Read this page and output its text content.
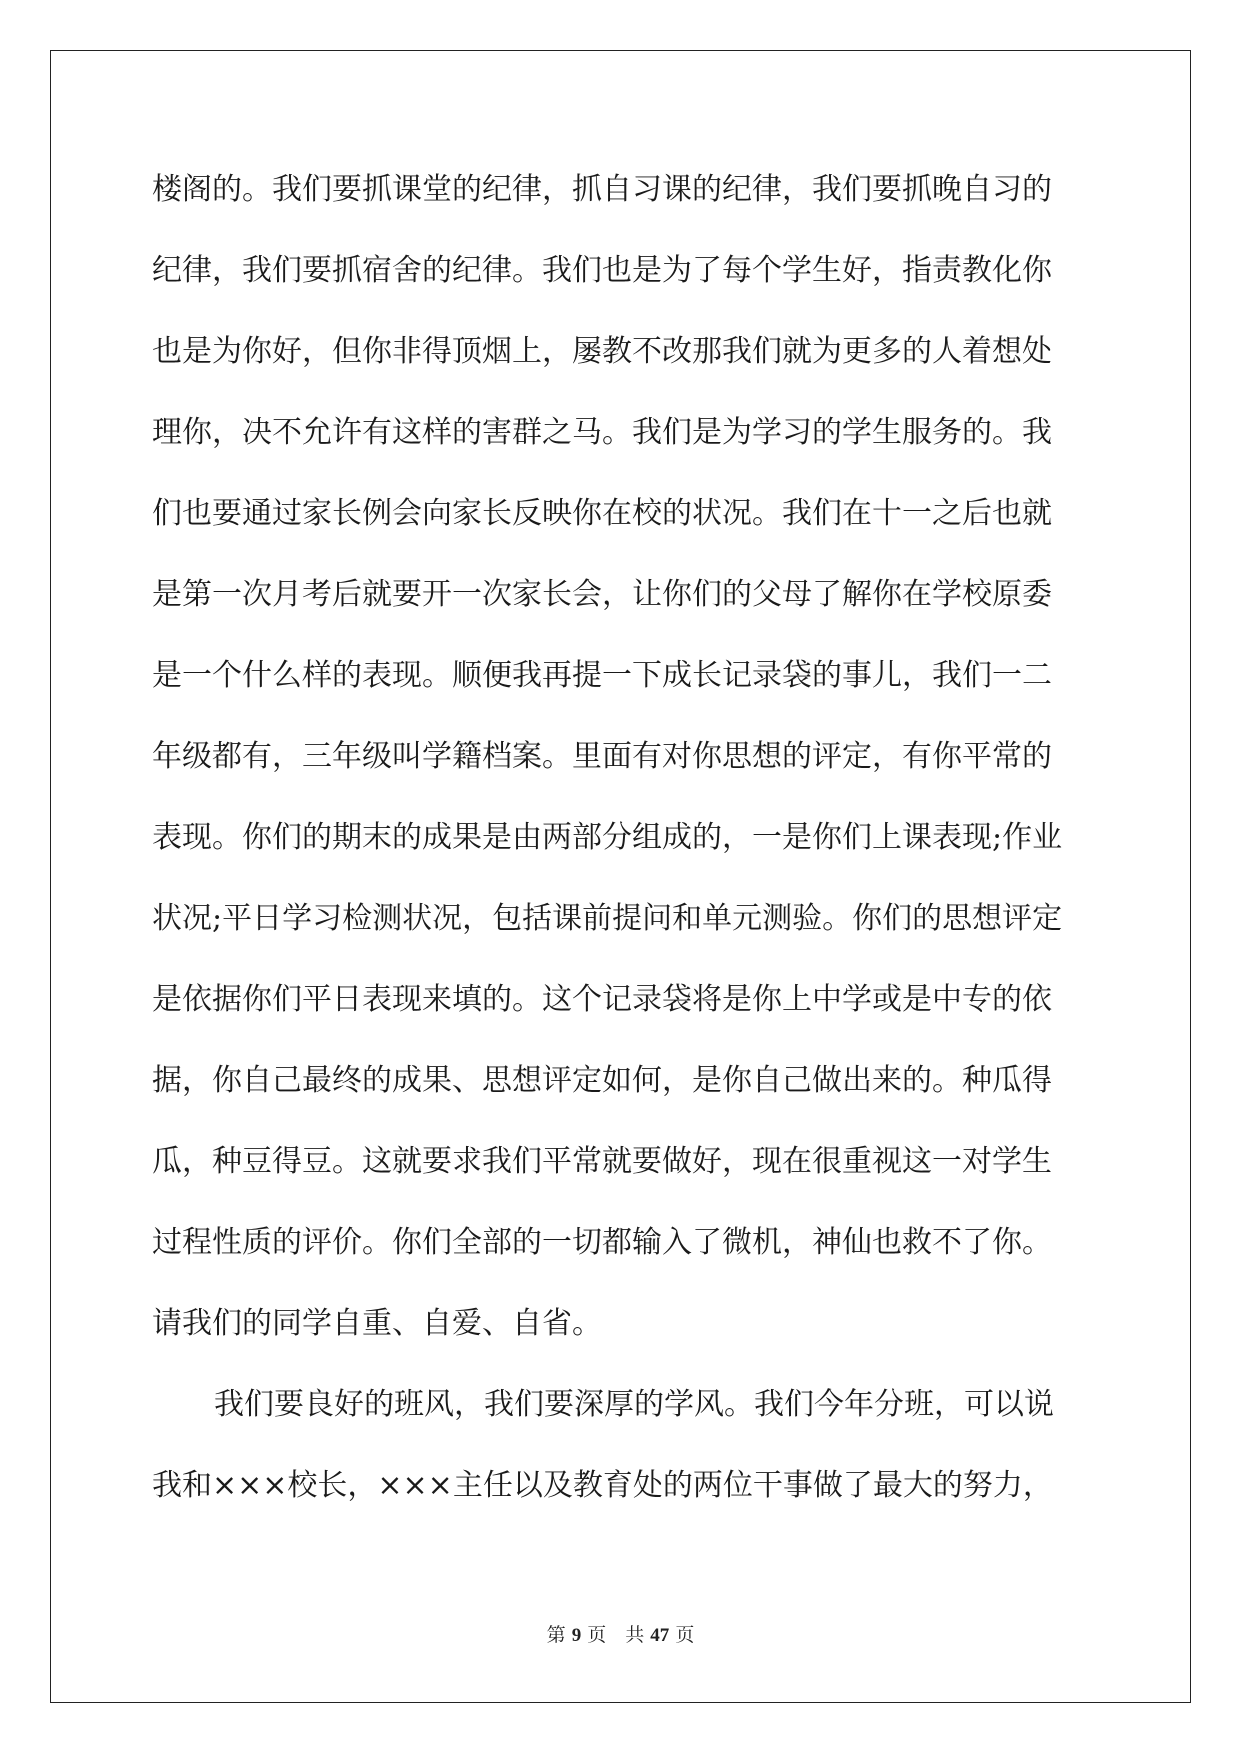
楼阁的。我们要抓课堂的纪律，抓自习课的纪律，我们要抓晚自习的
纪律，我们要抓宿舍的纪律。我们也是为了每个学生好，指责教化你
也是为你好，但你非得顶烟上，屡教不改那我们就为更多的人着想处
理你，决不允许有这样的害群之马。我们是为学习的学生服务的。我
们也要通过家长例会向家长反映你在校的状况。我们在十一之后也就
是第一次月考后就要开一次家长会，让你们的父母了解你在学校原委
是一个什么样的表现。顺便我再提一下成长记录袋的事儿，我们一二
年级都有，三年级叫学籍档案。里面有对你思想的评定，有你平常的
表现。你们的期末的成果是由两部分组成的，一是你们上课表现;作业
状况;平日学习检测状况，包括课前提问和单元测验。你们的思想评定
是依据你们平日表现来填的。这个记录袋将是你上中学或是中专的依
据，你自己最终的成果、思想评定如何，是你自己做出来的。种瓜得
瓜，种豆得豆。这就要求我们平常就要做好，现在很重视这一对学生
过程性质的评价。你们全部的一切都输入了微机，神仙也救不了你。
请我们的同学自重、自爱、自省。
我们要良好的班风，我们要深厚的学风。我们今年分班，可以说
我和×××校长，×××主任以及教育处的两位干事做了最大的努力，
第 9 页　共 47 页
